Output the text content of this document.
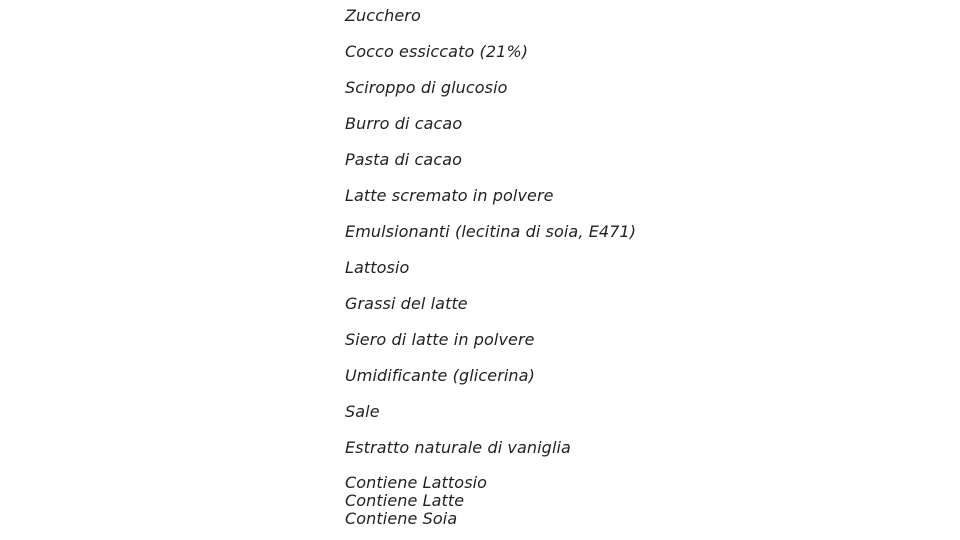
Zucchero
Cocco essiccato (21%)
Sciroppo di glucosio
Burro di cacao
Pasta di cacao
Latte scremato in polvere
Emulsionanti (lecitina di soia, E471)
Lattosio
Grassi del latte
Siero di latte in polvere
Umidificante (glicerina)
Sale
Estratto naturale di vaniglia
Contiene Lattosio
Contiene Latte
Contiene Soia
